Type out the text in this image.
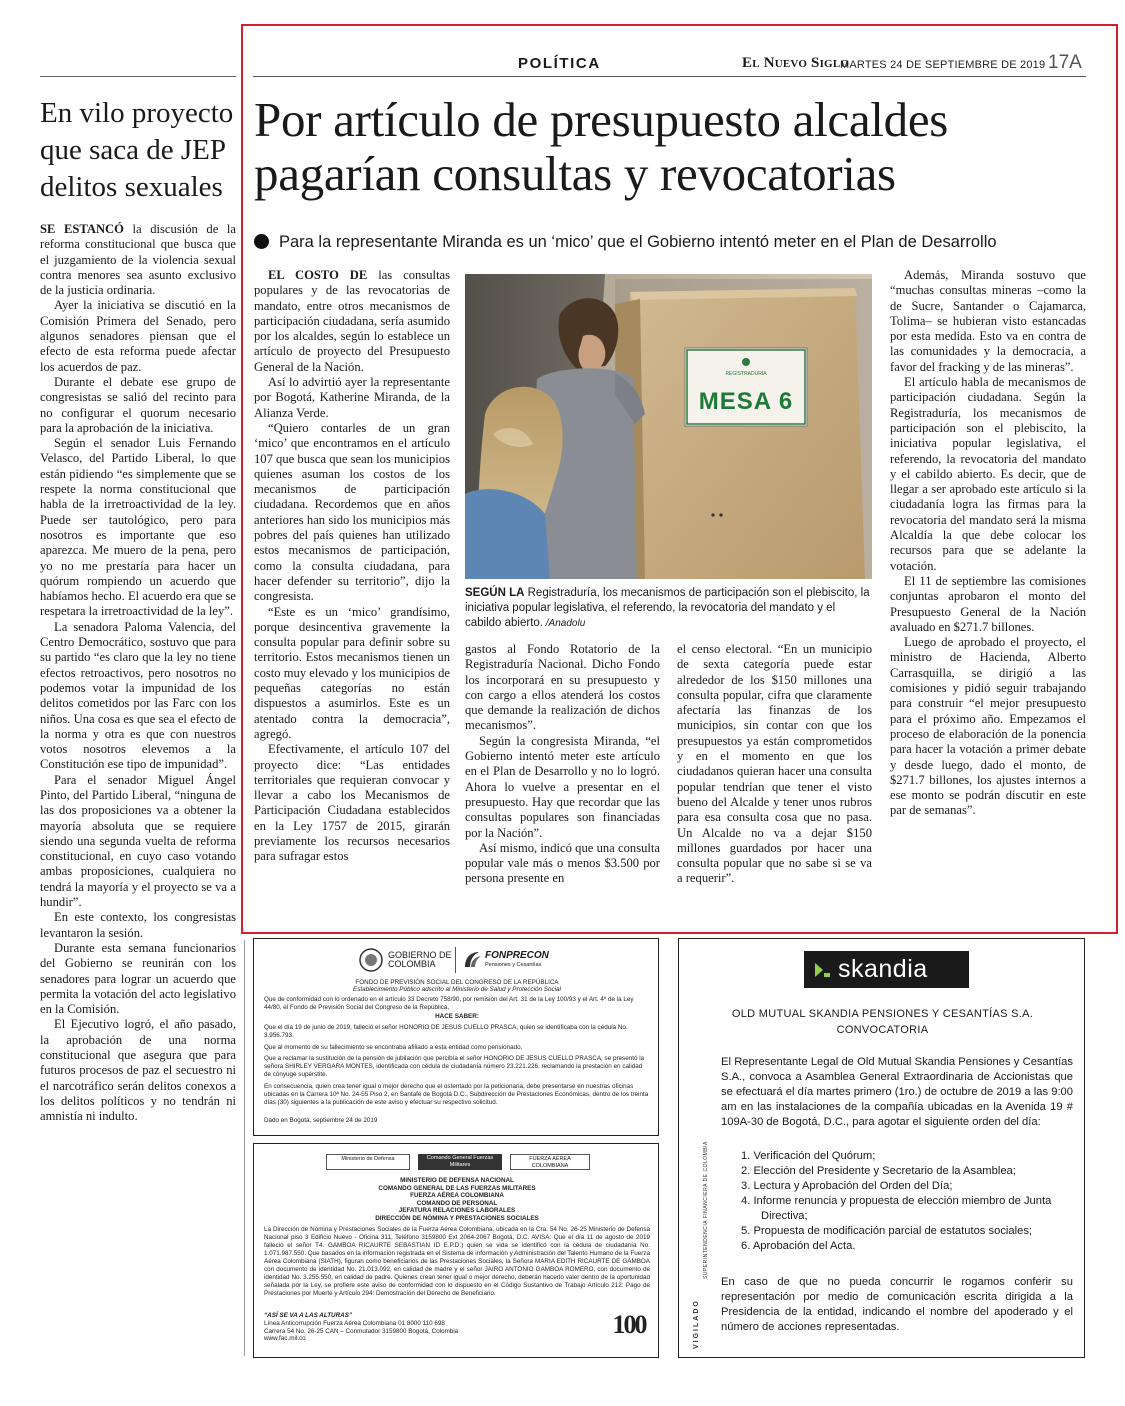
En vilo proyecto que saca de JEP delitos sexuales

SE ESTANCÓ la discusión de la reforma constitucional que busca que el juzgamiento de la violencia sexual contra menores sea asunto exclusivo de la justicia ordinaria.

Ayer la iniciativa se discutió en la Comisión Primera del Senado, pero algunos senadores piensan que el efecto de esta reforma puede afectar los acuerdos de paz.

Durante el debate ese grupo de congresistas se salió del recinto para no configurar el quorum necesario para la aprobación de la iniciativa.

Según el senador Luis Fernando Velasco, del Partido Liberal, lo que están pidiendo “es simplemente que se respete la norma constitucional que habla de la irretroactividad de la ley. Puede ser tautológico, pero para nosotros es importante que eso aparezca. Me muero de la pena, pero yo no me prestaría para hacer un quórum rompiendo un acuerdo que habíamos hecho. El acuerdo era que se respetara la irretroactividad de la ley”.

La senadora Paloma Valencia, del Centro Democrático, sostuvo que para su partido “es claro que la ley no tiene efectos retroactivos, pero nosotros no podemos votar la impunidad de los delitos cometidos por las Farc con los niños. Una cosa es que sea el efecto de la norma y otra es que con nuestros votos nosotros elevemos a la Constitución ese tipo de impunidad”.

Para el senador Miguel Ángel Pinto, del Partido Liberal, “ninguna de las dos proposiciones va a obtener la mayoría absoluta que se requiere siendo una segunda vuelta de reforma constitucional, en cuyo caso votando ambas proposiciones, cualquiera no tendrá la mayoría y el proyecto se va a hundir”.

En este contexto, los congresistas levantaron la sesión.

Durante esta semana funcionarios del Gobierno se reunirán con los senadores para lograr un acuerdo que permita la votación del acto legislativo en la Comisión.

El Ejecutivo logró, el año pasado, la aprobación de una norma constitucional que asegura que para futuros procesos de paz el secuestro ni el narcotráfico serán delitos conexos a los delitos políticos y no tendrán ni amnistía ni indulto.

POLÍTICA	El Nuevo Siglo
MARTES 24 DE SEPTIEMBRE DE 2019 17A
Por artículo de presupuesto alcaldes pagarían consultas y revocatorias
Para la representante Miranda es un ‘mico’ que el Gobierno intentó meter en el Plan de Desarrollo

EL COSTO DE las consultas populares y de las revocatorias de mandato, entre otros mecanismos de participación ciudadana, sería asumido por los alcaldes, según lo establece un artículo de proyecto del Presupuesto General de la Nación.

Así lo advirtió ayer la representante por Bogotá, Katherine Miranda, de la Alianza Verde.

“Quiero contarles de un gran ‘mico’ que encontramos en el artículo 107 que busca que sean los municipios quienes asuman los costos de los mecanismos de participación ciudadana. Recordemos que en años anteriores han sido los municipios más pobres del país quienes han utilizado estos mecanismos de participación, como la consulta ciudadana, para hacer defender su territorio”, dijo la congresista.

“Este es un ‘mico’ grandísimo, porque desincentiva gravemente la consulta popular para definir sobre su territorio. Estos mecanismos tienen un costo muy elevado y los municipios de pequeñas categorías no están dispuestos a asumirlos. Este es un atentado contra la democracia”, agregó.

Efectivamente, el artículo 107 del proyecto dice: “Las entidades territoriales que requieran convocar y llevar a cabo los Mecanismos de Participación Ciudadana establecidos en la Ley 1757 de 2015, girarán previamente los recursos necesarios para sufragar estos

REGISTRADURÍA
MESA 6
SEGÚN LA Registraduría, los mecanismos de participación son el plebiscito, la iniciativa popular legislativa, el referendo, la revocatoria del mandato y el cabildo abierto. /Anadolu

gastos al Fondo Rotatorio de la Registraduría Nacional. Dicho Fondo los incorporará en su presupuesto y con cargo a ellos atenderá los costos que demande la realización de dichos mecanismos”.

Según la congresista Miranda, “el Gobierno intentó meter este artículo en el Plan de Desarrollo y no lo logró. Ahora lo vuelve a presentar en el presupuesto. Hay que recordar que las consultas populares son financiadas por la Nación”.

Así mismo, indicó que una consulta popular vale más o menos $3.500 por persona presente en

el censo electoral. “En un municipio de sexta categoría puede estar alrededor de los $150 millones una consulta popular, cifra que claramente afectaría las finanzas de los municipios, sin contar con que los presupuestos ya están comprometidos y en el momento en que los ciudadanos quieran hacer una consulta popular tendrían que tener el visto bueno del Alcalde y tener unos rubros para esa consulta cosa que no pasa. Un Alcalde no va a dejar $150 millones guardados por hacer una consulta popular que no sabe si se va a requerir”.

Además, Miranda sostuvo que “muchas consultas mineras –como la de Sucre, Santander o Cajamarca, Tolima– se hubieran visto estancadas por esta medida. Esto va en contra de las comunidades y la democracia, a favor del fracking y de las mineras”.

El artículo habla de mecanismos de participación ciudadana. Según la Registraduría, los mecanismos de participación son el plebiscito, la iniciativa popular legislativa, el referendo, la revocatoria del mandato y el cabildo abierto. Es decir, que de llegar a ser aprobado este artículo si la ciudadanía logra las firmas para la revocatoria del mandato será la misma Alcaldía la que debe colocar los recursos para que se adelante la votación.

El 11 de septiembre las comisiones conjuntas aprobaron el monto del Presupuesto General de la Nación avaluado en $271.7 billones.

Luego de aprobado el proyecto, el ministro de Hacienda, Alberto Carrasquilla, se dirigió a las comisiones y pidió seguir trabajando para construir “el mejor presupuesto para el próximo año. Empezamos el proceso de elaboración de la ponencia para hacer la votación a primer debate y desde luego, dado el monto, de $271.7 billones, los ajustes internos a ese monto se podrán discutir en este par de semanas”.

GOBIERNO DE COLOMBIA
FONPRECON
Pensiones y Cesantías
FONDO DE PREVISIÓN SOCIAL DEL CONGRESO DE LA REPÚBLICA
Establecimiento Público adscrito al Ministerio de Salud y Protección Social
Que de conformidad con lo ordenado en el artículo 33 Decreto 758/90, por remisión del Art. 31 de la Ley 100/93 y el Art. 4º de la Ley 44/80, el Fondo de Previsión Social del Congreso de la República,
HACE SABER:
Que el día 19 de junio de 2019, falleció el señor HONORIO DE JESUS CUELLO PRASCA, quien se identificaba con la cédula No. 3.956.793.
Que al momento de su fallecimiento se encontraba afiliado a esta entidad como pensionado.
Que a reclamar la sustitución de la pensión de jubilación que percibía el señor HONORIO DE JESUS CUELLO PRASCA, se presentó la señora SHIRLEY VERGARA MONTES, identificada con cédula de ciudadanía número 23.221.226, reclamando la prestación en calidad de cónyuge supérstite.
En consecuencia, quien crea tener igual o mejor derecho que el ostentado por la peticionaria, debe presentarse en nuestras oficinas ubicadas en la Carrera 10ª No. 24-55 Piso 2, en Santafé de Bogotá D.C., Subdirección de Prestaciones Económicas, dentro de los treinta días (30) siguientes a la publicación de este aviso y efectuar su respectivo solicitud.
Dado en Bogotá, septiembre 24 de 2019
Ministerio de Defensa	Comando General Fuerzas Militares
FUERZA AÉREA COLOMBIANA
MINISTERIO DE DEFENSA NACIONAL
COMANDO GENERAL DE LAS FUERZAS MILITARES
FUERZA AÉREA COLOMBIANA
COMANDO DE PERSONAL
JEFATURA RELACIONES LABORALES
DIRECCIÓN DE NÓMINA Y PRESTACIONES SOCIALES
La Dirección de Nómina y Prestaciones Sociales de la Fuerza Aérea Colombiana, ubicada en la Cra. 54 No. 26-25 Ministerio de Defensa Nacional piso 3 Edificio Nuevo - Oficina 311, Teléfono 3159800 Ext 2064-2067 Bogotá, D.C. AVISA: Que el día 11 de agosto de 2019 falleció el señor T4. GAMBOA RICAURTE SEBASTIAN ID E.P.D.) quien se vida se identificó con la cédula de ciudadanía No. 1.071.987.550. Que basados en la información registrada en el Sistema de información y Administración del Talento Humano de la Fuerza Aérea Colombiana (SIATH), figuran como beneficiarios de las Prestaciones Sociales, la Señora MARIA EDITH RICAURTE DE GAMBOA con documento de identidad No. 21.013.092, en calidad de madre y el señor JAIRO ANTONIO GAMBOA ROMERO, con documento de identidad No. 3.255.550, en calidad de padre. Quienes crean tener igual o mejor derecho, deberán hacerlo valer dentro de la oportunidad señalada por la Ley, se profiere este aviso de conformidad con lo dispuesto en el Código Sustantivo de Trabajo Artículo 212: Pago de Prestaciones por Muerte y Artículo 294: Demostración del Derecho de Beneficiario.
“ASÍ SE VA A LAS ALTURAS”
Línea Anticorrupción Fuerza Aérea Colombiana 01 8000 110 698
Carrera 54 No. 26-25 CAN – Conmutador 3159800 Bogotá, Colombia
www.fac.mil.co	100
skandia
OLD MUTUAL SKANDIA PENSIONES Y CESANTÍAS S.A.
CONVOCATORIA
El Representante Legal de Old Mutual Skandia Pensiones y Cesantías S.A., convoca a Asamblea General Extraordinaria de Accionistas que se efectuará el día martes primero (1ro.) de octubre de 2019 a las 9:00 am en las instalaciones de la compañía ubicadas en la Avenida 19 # 109A-30 de Bogotá, D.C., para agotar el siguiente orden del día:
1. Verificación del Quórum;
2. Elección del Presidente y Secretario de la Asamblea;
3. Lectura y Aprobación del Orden del Día;
4. Informe renuncia y propuesta de elección miembro de Junta Directiva;
5. Propuesta de modificación parcial de estatutos sociales;
6. Aprobación del Acta.
En caso de que no pueda concurrir le rogamos conferir su representación por medio de comunicación escrita dirigida a la Presidencia de la entidad, indicando el nombre del apoderado y el número de acciones representadas.
VIGILADO
SUPERINTENDENCIA FINANCIERA DE COLOMBIA
